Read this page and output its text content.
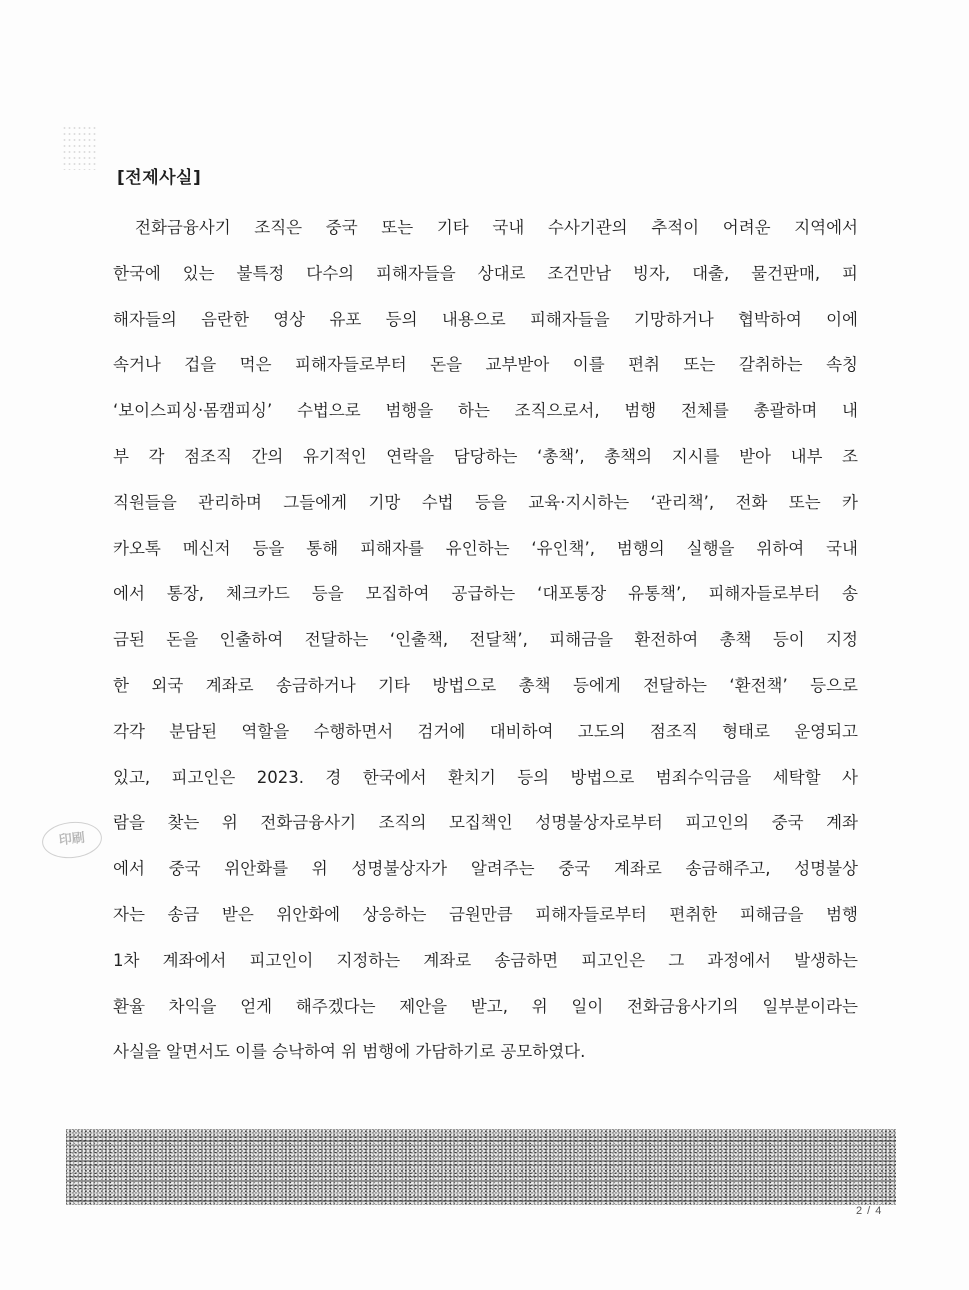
[전제사실]
전화금융사기 조직은 중국 또는 기타 국내 수사기관의 추적이 어려운 지역에서
한국에 있는 불특정 다수의 피해자들을 상대로 조건만남 빙자, 대출, 물건판매, 피
해자들의 음란한 영상 유포 등의 내용으로 피해자들을 기망하거나 협박하여 이에
속거나 겁을 먹은 피해자들로부터 돈을 교부받아 이를 편취 또는 갈취하는 속칭
‘보이스피싱·몸캠피싱’ 수법으로 범행을 하는 조직으로서, 범행 전체를 총괄하며 내
부 각 점조직 간의 유기적인 연락을 담당하는 ‘총책’, 총책의 지시를 받아 내부 조
직원들을 관리하며 그들에게 기망 수법 등을 교육·지시하는 ‘관리책’, 전화 또는 카
카오톡 메신저 등을 통해 피해자를 유인하는 ‘유인책’, 범행의 실행을 위하여 국내
에서 통장, 체크카드 등을 모집하여 공급하는 ‘대포통장 유통책’, 피해자들로부터 송
금된 돈을 인출하여 전달하는 ‘인출책, 전달책’, 피해금을 환전하여 총책 등이 지정
한 외국 계좌로 송금하거나 기타 방법으로 총책 등에게 전달하는 ‘환전책’ 등으로
각각 분담된 역할을 수행하면서 검거에 대비하여 고도의 점조직 형태로 운영되고
있고, 피고인은 2023. 경 한국에서 환치기 등의 방법으로 범죄수익금을 세탁할 사
람을 찾는 위 전화금융사기 조직의 모집책인 성명불상자로부터 피고인의 중국 계좌
에서 중국 위안화를 위 성명불상자가 알려주는 중국 계좌로 송금해주고, 성명불상
자는 송금 받은 위안화에 상응하는 금원만큼 피해자들로부터 편취한 피해금을 범행
1차 계좌에서 피고인이 지정하는 계좌로 송금하면 피고인은 그 과정에서 발생하는
환율 차익을 얻게 해주겠다는 제안을 받고, 위 일이 전화금융사기의 일부분이라는
사실을 알면서도 이를 승낙하여 위 범행에 가담하기로 공모하였다.
印刷
2 / 4
